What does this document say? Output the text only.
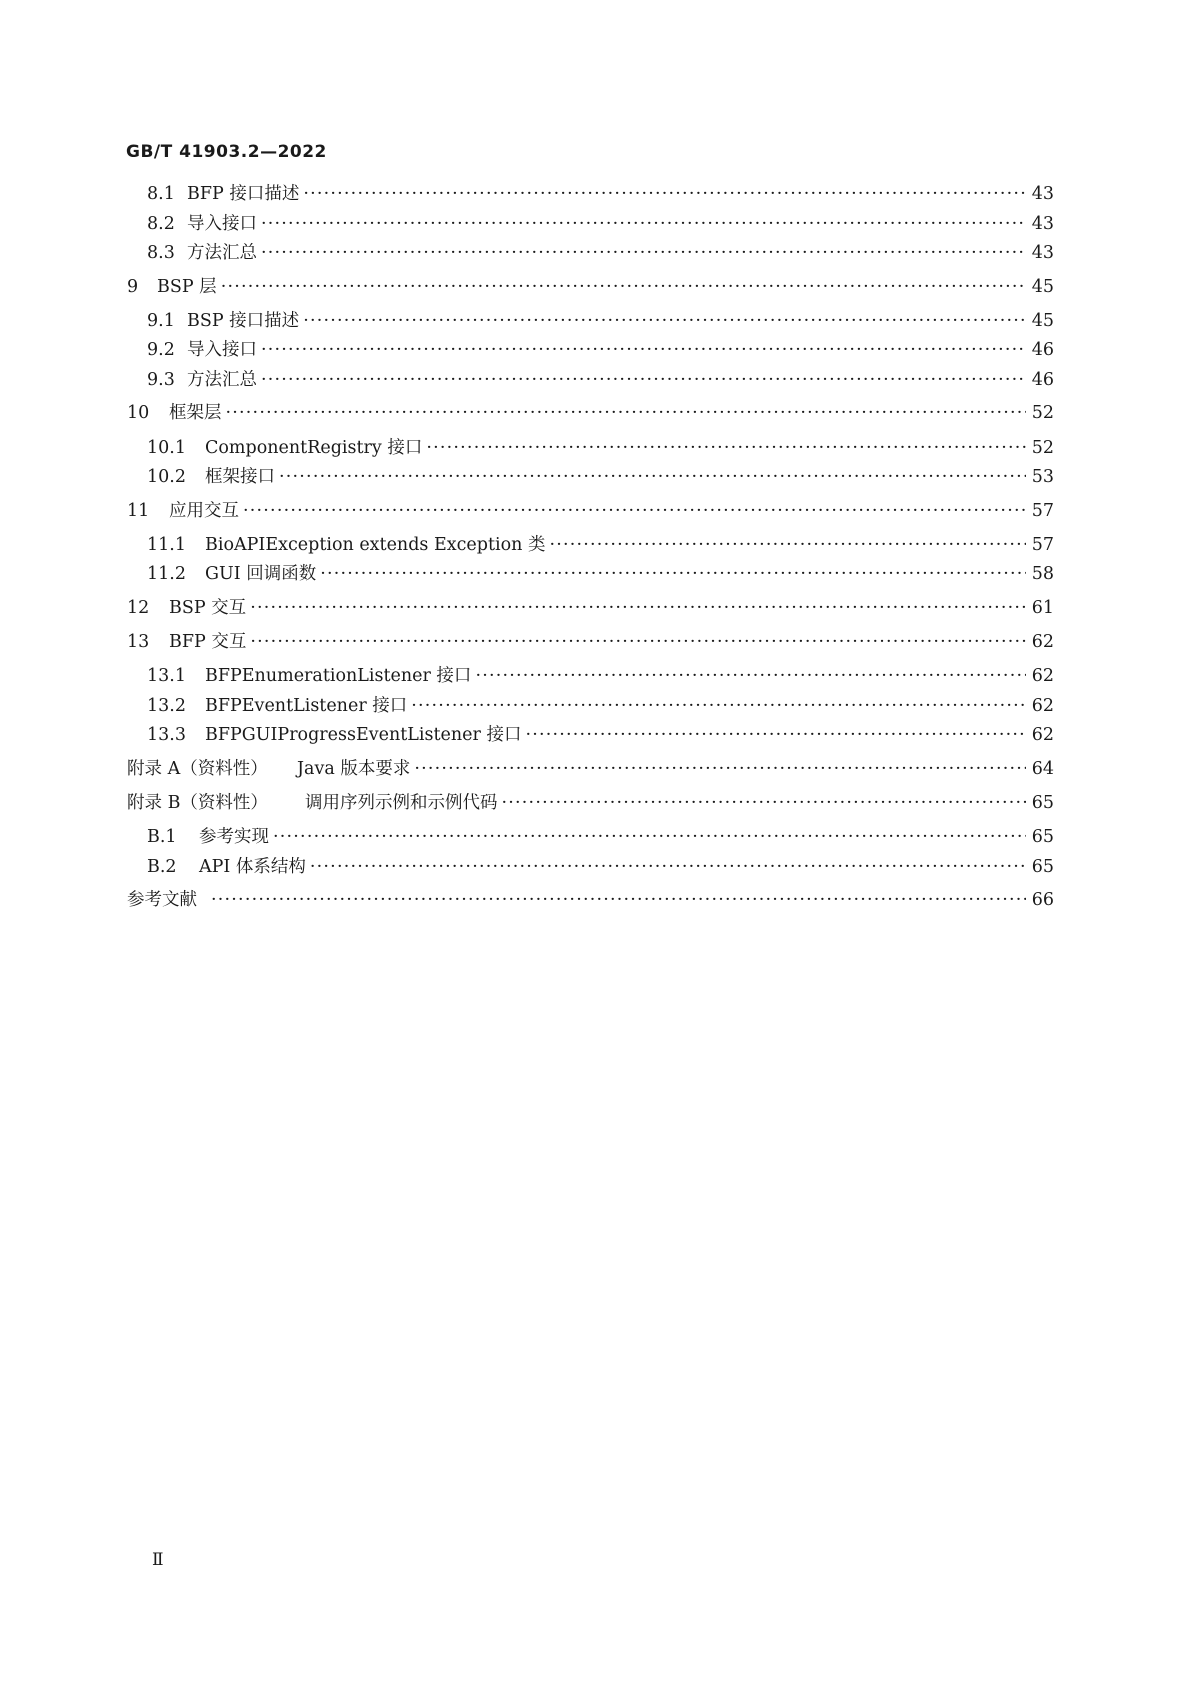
GB/T 41903.2—2022
8.1 BFP 接口描述 ·····	43
8.2 导入接口 ·····	43
8.3 方法汇总 ·····	43
9	BSP 层 ·····	45
9.1 BSP 接口描述 ·····	45
9.2 导入接口 ·····	46
9.3 方法汇总 ·····	46
10	框架层 ·····	52
10.1	ComponentRegistry 接口 ·····	52
10.2	框架接口 ·····	53
11	应用交互 ·····	57
11.1	BioAPIException extends Exception 类 ·····	57
11.2	GUI 回调函数 ·····	58
12	BSP 交互 ·····	61
13	BFP 交互 ·····	62
13.1	BFPEnumerationListener 接口 ·····	62
13.2	BFPEventListener 接口 ·····	62
13.3	BFPGUIProgressEventListener 接口 ·····	62
附录 A（资料性）	Java 版本要求 ·····	64
附录 B（资料性）	调用序列示例和示例代码 ·····	65
B.1	参考实现 ·····	65
B.2	API 体系结构 ·····	65
参考文献 ·····	66
Ⅱ
